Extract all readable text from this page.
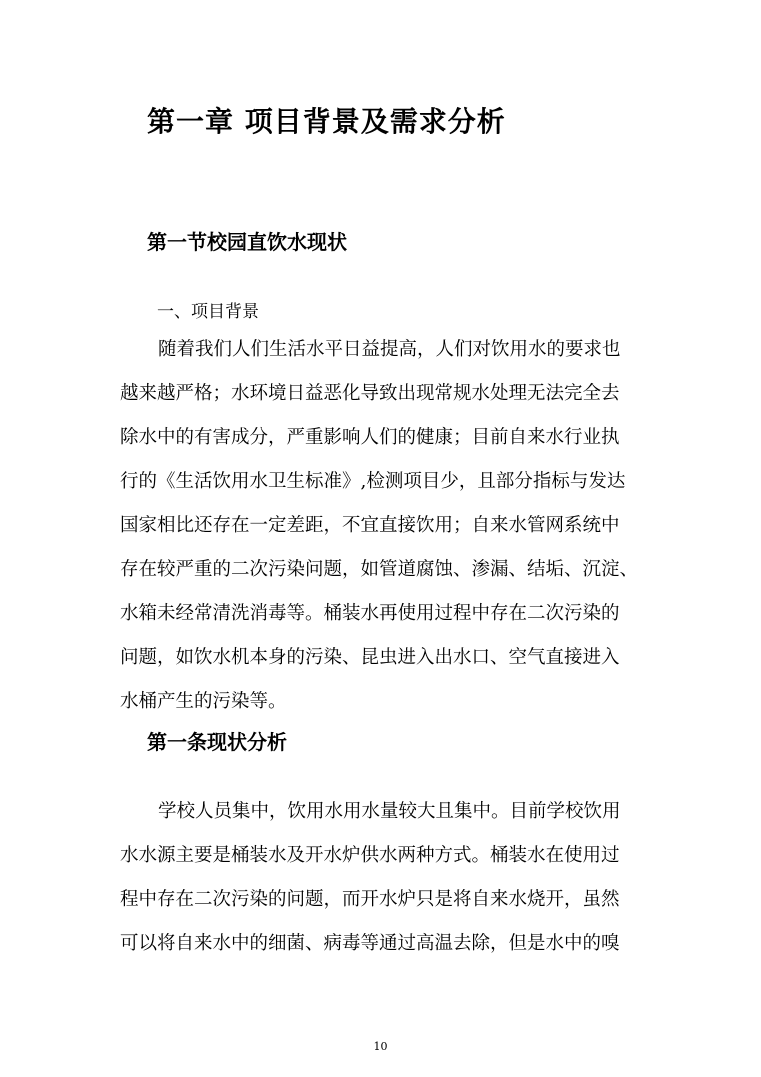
第一章 项目背景及需求分析
第一节校园直饮水现状
一、项目背景
随着我们人们生活水平日益提高，人们对饮用水的要求也
越来越严格；水环境日益恶化导致出现常规水处理无法完全去
除水中的有害成分，严重影响人们的健康；目前自来水行业执
行的《生活饮用水卫生标准》,检测项目少，且部分指标与发达
国家相比还存在一定差距，不宜直接饮用；自来水管网系统中
存在较严重的二次污染问题，如管道腐蚀、渗漏、结垢、沉淀、
水箱未经常清洗消毒等。桶装水再使用过程中存在二次污染的
问题，如饮水机本身的污染、昆虫进入出水口、空气直接进入
水桶产生的污染等。
第一条现状分析
学校人员集中，饮用水用水量较大且集中。目前学校饮用
水水源主要是桶装水及开水炉供水两种方式。桶装水在使用过
程中存在二次污染的问题，而开水炉只是将自来水烧开，虽然
可以将自来水中的细菌、病毒等通过高温去除，但是水中的嗅
10
